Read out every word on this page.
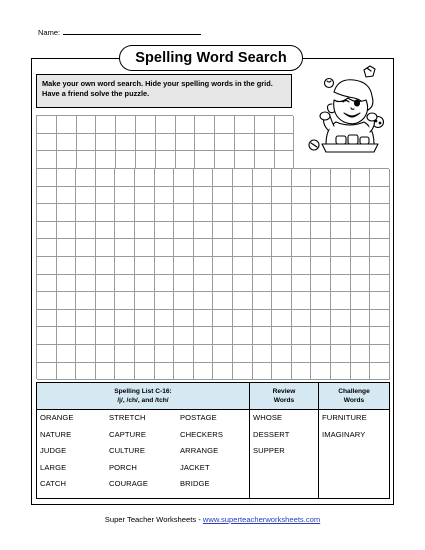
Name:
Spelling Word Search
Make your own word search. Hide your spelling words in the grid. Have a friend solve the puzzle.
Spelling List C-16:
/j/, /ch/, and /tch/
Review
Words
Challenge
Words
ORANGE
NATURE
JUDGE
LARGE
CATCH
STRETCH
CAPTURE
CULTURE
PORCH
COURAGE
POSTAGE
CHECKERS
ARRANGE
JACKET
BRIDGE
WHOSE
DESSERT
SUPPER
FURNITURE
IMAGINARY
Super Teacher Worksheets - www.superteacherworksheets.com
